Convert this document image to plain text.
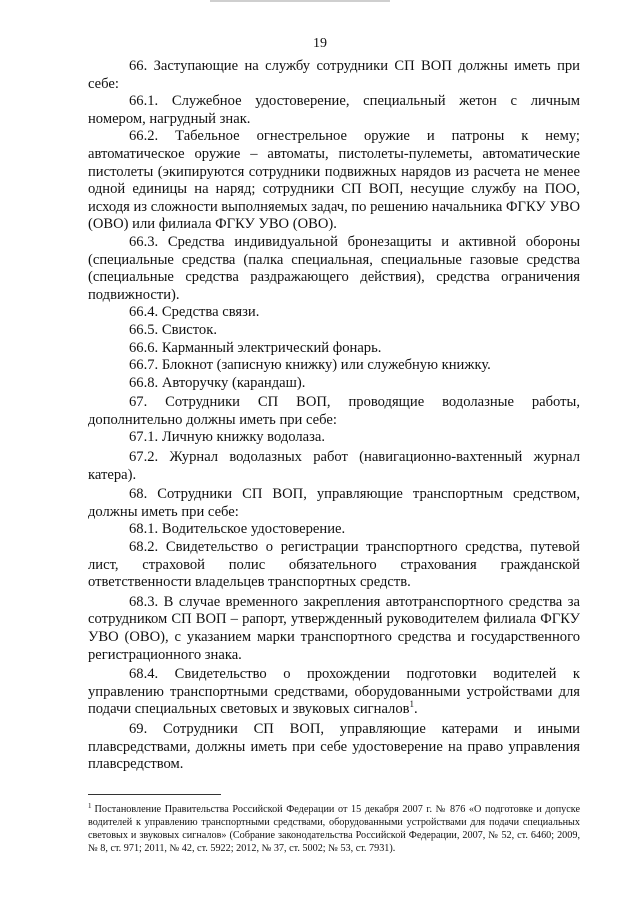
19

66. Заступающие на службу сотрудники СП ВОП должны иметь при себе:

66.1. Служебное удостоверение, специальный жетон с личным номером, нагрудный знак.

66.2. Табельное огнестрельное оружие и патроны к нему; автоматическое оружие – автоматы, пистолеты-пулеметы, автоматические пистолеты (экипируются сотрудники подвижных нарядов из расчета не менее одной единицы на наряд; сотрудники СП ВОП, несущие службу на ПОО, исходя из сложности выполняемых задач, по решению начальника ФГКУ УВО (ОВО) или филиала ФГКУ УВО (ОВО).

66.3. Средства индивидуальной бронезащиты и активной обороны (специальные средства (палка специальная, специальные газовые средства (специальные средства раздражающего действия), средства ограничения подвижности).

66.4. Средства связи.

66.5. Свисток.

66.6. Карманный электрический фонарь.

66.7. Блокнот (записную книжку) или служебную книжку.

66.8. Авторучку (карандаш).

67. Сотрудники СП ВОП, проводящие водолазные работы, дополнительно должны иметь при себе:

67.1. Личную книжку водолаза.

67.2. Журнал водолазных работ (навигационно-вахтенный журнал катера).

68. Сотрудники СП ВОП, управляющие транспортным средством, должны иметь при себе:

68.1. Водительское удостоверение.

68.2. Свидетельство о регистрации транспортного средства, путевой лист, страховой полис обязательного страхования гражданской ответственности владельцев транспортных средств.

68.3. В случае временного закрепления автотранспортного средства за сотрудником СП ВОП – рапорт, утвержденный руководителем филиала ФГКУ УВО (ОВО), с указанием марки транспортного средства и государственного регистрационного знака.

68.4. Свидетельство о прохождении подготовки водителей к управлению транспортными средствами, оборудованными устройствами для подачи специальных световых и звуковых сигналов$^1$.

69. Сотрудники СП ВОП, управляющие катерами и иными плавсредствами, должны иметь при себе удостоверение на право управления плавсредством.

$^1$ Постановление Правительства Российской Федерации от 15 декабря 2007 г. № 876 «О подготовке и допуске водителей к управлению транспортными средствами, оборудованными устройствами для подачи специальных световых и звуковых сигналов» (Собрание законодательства Российской Федерации, 2007, № 52, ст. 6460; 2009, № 8, ст. 971; 2011, № 42, ст. 5922; 2012, № 37, ст. 5002; № 53, ст. 7931).
